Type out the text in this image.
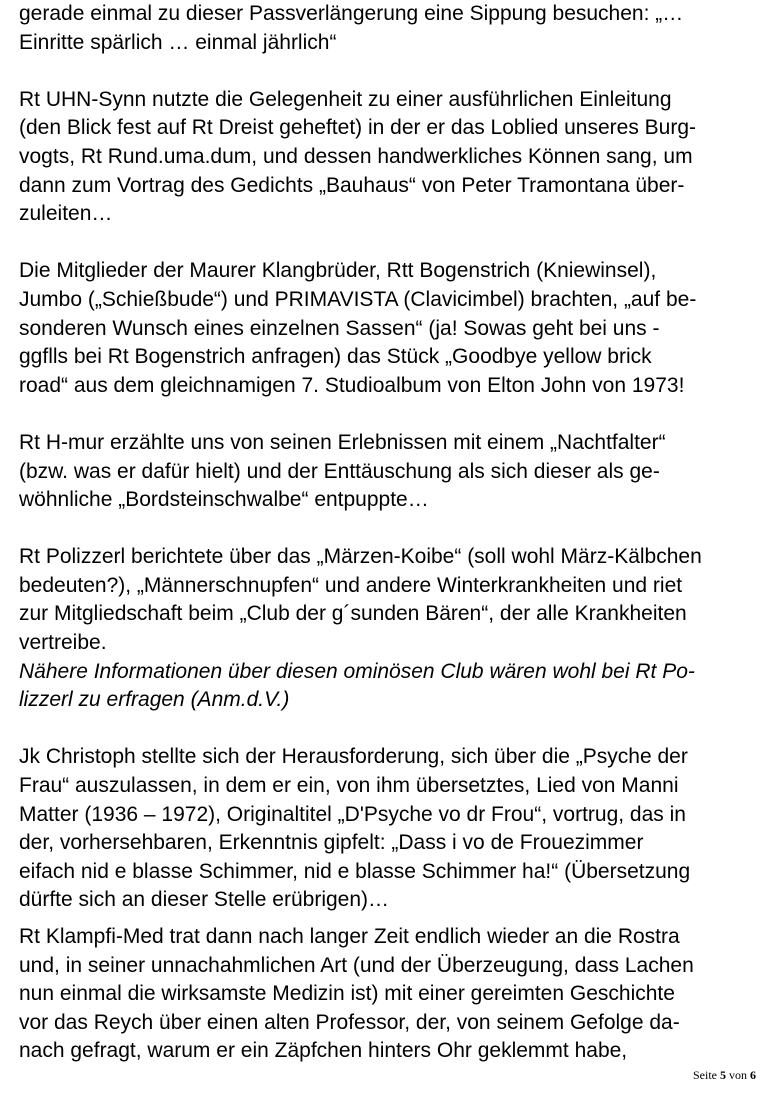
gerade einmal zu dieser Passverlängerung eine Sippung besuchen: „…
Einritte spärlich … einmal jährlich“
Rt UHN-Synn nutzte die Gelegenheit zu einer ausführlichen Einleitung
(den Blick fest auf Rt Dreist geheftet) in der er das Loblied unseres Burg-
vogts, Rt Rund.uma.dum, und dessen handwerkliches Können sang, um
dann zum Vortrag des Gedichts „Bauhaus“ von Peter Tramontana über-
zuleiten…
Die Mitglieder der Maurer Klangbrüder, Rtt Bogenstrich (Kniewinsel),
Jumbo („Schießbude“) und PRIMAVISTA (Clavicimbel) brachten, „auf be-
sonderen Wunsch eines einzelnen Sassen“ (ja! Sowas geht bei uns -
ggflls bei Rt Bogenstrich anfragen) das Stück „Goodbye yellow brick
road“ aus dem gleichnamigen 7. Studioalbum von Elton John von 1973!
Rt H-mur erzählte uns von seinen Erlebnissen mit einem „Nachtfalter“
(bzw. was er dafür hielt) und der Enttäuschung als sich dieser als ge-
wöhnliche „Bordsteinschwalbe“ entpuppte…
Rt Polizzerl berichtete über das „Märzen-Koibe“ (soll wohl März-Kälbchen
bedeuten?), „Männerschnupfen“ und andere Winterkrankheiten und riet
zur Mitgliedschaft beim „Club der g´sunden Bären“, der alle Krankheiten
vertreibe.
Nähere Informationen über diesen ominösen Club wären wohl bei Rt Po-
lizzerl zu erfragen (Anm.d.V.)
Jk Christoph stellte sich der Herausforderung, sich über die „Psyche der
Frau“ auszulassen, in dem er ein, von ihm übersetztes, Lied von Manni
Matter (1936 – 1972), Originaltitel „D'Psyche vo dr Frou“, vortrug, das in
der, vorhersehbaren, Erkenntnis gipfelt: „Dass i vo de Frouezimmer
eifach nid e blasse Schimmer, nid e blasse Schimmer ha!“ (Übersetzung
dürfte sich an dieser Stelle erübrigen)…
Rt Klampfi-Med trat dann nach langer Zeit endlich wieder an die Rostra
und, in seiner unnachahmlichen Art (und der Überzeugung, dass Lachen
nun einmal die wirksamste Medizin ist) mit einer gereimten Geschichte
vor das Reych über einen alten Professor, der, von seinem Gefolge da-
nach gefragt, warum er ein Zäpfchen hinters Ohr geklemmt habe,
Seite 5 von 6
